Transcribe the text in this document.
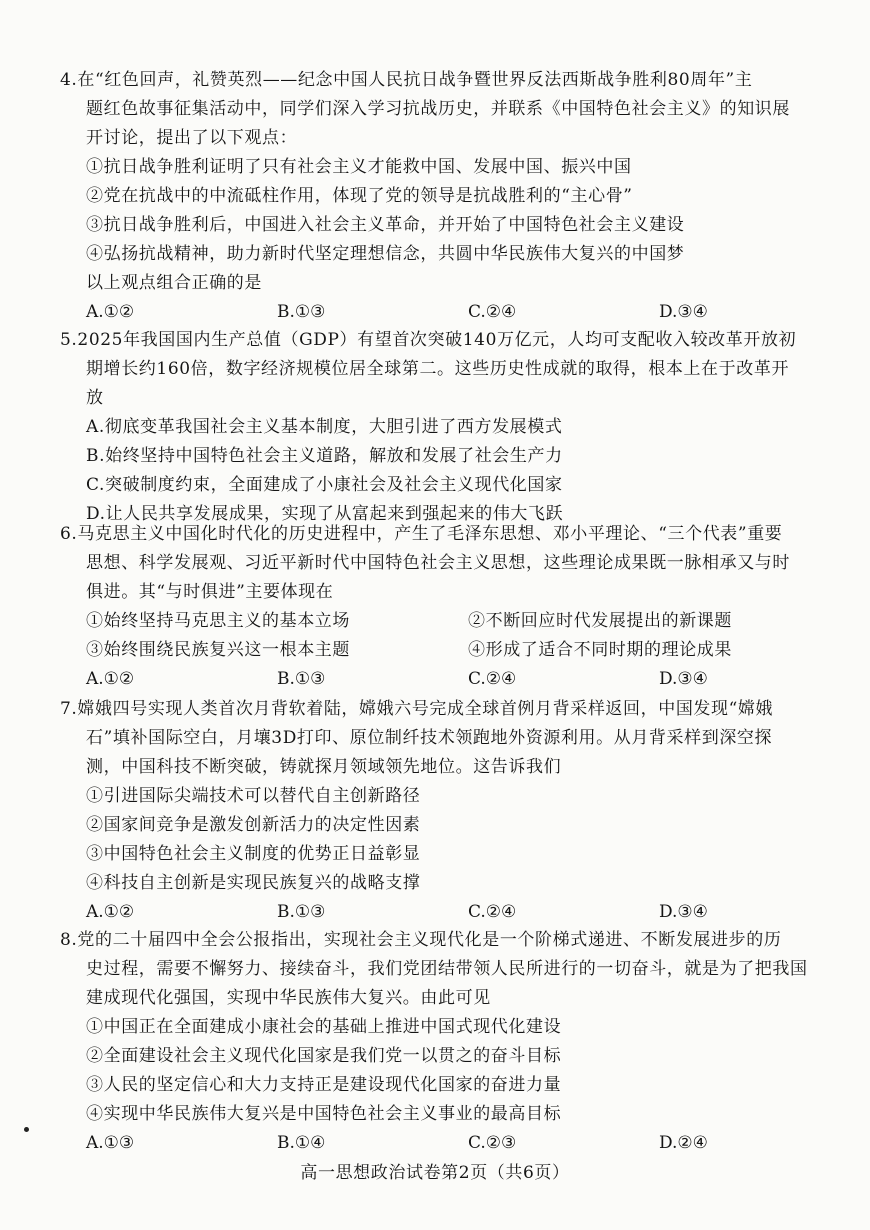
4.在“红色回声，礼赞英烈——纪念中国人民抗日战争暨世界反法西斯战争胜利80周年”主
题红色故事征集活动中，同学们深入学习抗战历史，并联系《中国特色社会主义》的知识展
开讨论，提出了以下观点：
①抗日战争胜利证明了只有社会主义才能救中国、发展中国、振兴中国
②党在抗战中的中流砥柱作用，体现了党的领导是抗战胜利的“主心骨”
③抗日战争胜利后，中国进入社会主义革命，并开始了中国特色社会主义建设
④弘扬抗战精神，助力新时代坚定理想信念，共圆中华民族伟大复兴的中国梦
以上观点组合正确的是
A.①②	B.①③	C.②④	D.③④
5.2025年我国国内生产总值（GDP）有望首次突破140万亿元，人均可支配收入较改革开放初
期增长约160倍，数字经济规模位居全球第二。这些历史性成就的取得，根本上在于改革开
放
A.彻底变革我国社会主义基本制度，大胆引进了西方发展模式
B.始终坚持中国特色社会主义道路，解放和发展了社会生产力
C.突破制度约束，全面建成了小康社会及社会主义现代化国家
D.让人民共享发展成果，实现了从富起来到强起来的伟大飞跃
6.马克思主义中国化时代化的历史进程中，产生了毛泽东思想、邓小平理论、“三个代表”重要
思想、科学发展观、习近平新时代中国特色社会主义思想，这些理论成果既一脉相承又与时
俱进。其“与时俱进”主要体现在
①始终坚持马克思主义的基本立场	②不断回应时代发展提出的新课题
③始终围绕民族复兴这一根本主题	④形成了适合不同时期的理论成果
A.①②	B.①③	C.②④	D.③④
7.嫦娥四号实现人类首次月背软着陆，嫦娥六号完成全球首例月背采样返回，中国发现“嫦娥
石”填补国际空白，月壤3D打印、原位制纤技术领跑地外资源利用。从月背采样到深空探
测，中国科技不断突破，铸就探月领域领先地位。这告诉我们
①引进国际尖端技术可以替代自主创新路径
②国家间竞争是激发创新活力的决定性因素
③中国特色社会主义制度的优势正日益彰显
④科技自主创新是实现民族复兴的战略支撑
A.①②	B.①③	C.②④	D.③④
8.党的二十届四中全会公报指出，实现社会主义现代化是一个阶梯式递进、不断发展进步的历
史过程，需要不懈努力、接续奋斗，我们党团结带领人民所进行的一切奋斗，就是为了把我国
建成现代化强国，实现中华民族伟大复兴。由此可见
①中国正在全面建成小康社会的基础上推进中国式现代化建设
②全面建设社会主义现代化国家是我们党一以贯之的奋斗目标
③人民的坚定信心和大力支持正是建设现代化国家的奋进力量
④实现中华民族伟大复兴是中国特色社会主义事业的最高目标
A.①③	B.①④	C.②③	D.②④
高一思想政治试卷第2页（共6页）
